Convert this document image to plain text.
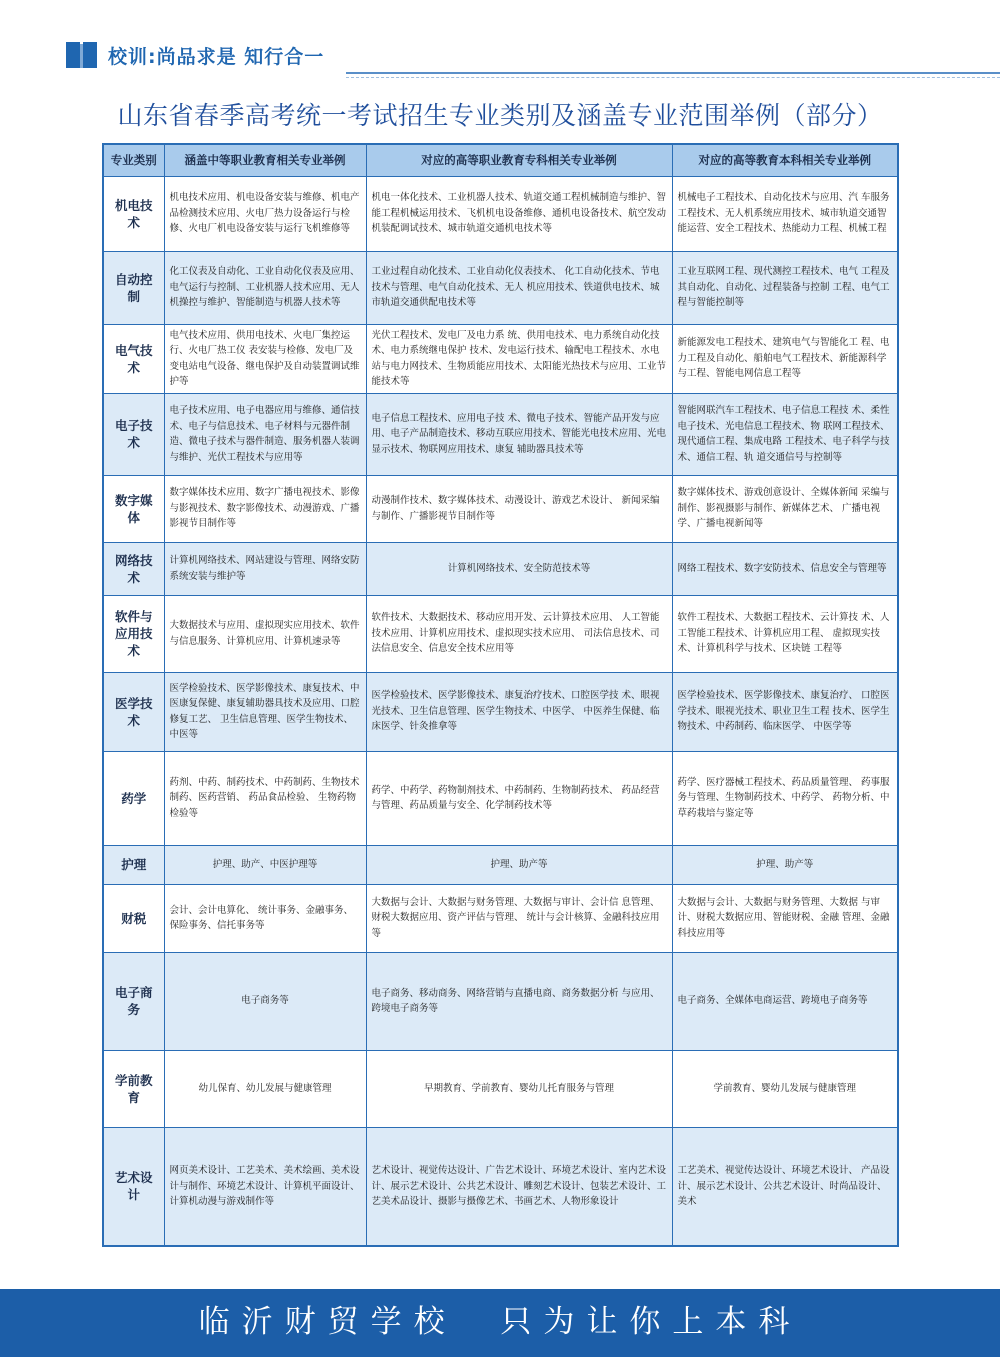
校训:尚品求是 知行合一
山东省春季高考统一考试招生专业类别及涵盖专业范围举例（部分）
专业类别	涵盖中等职业教育相关专业举例	对应的高等职业教育专科相关专业举例	对应的高等教育本科相关专业举例
机电技术	机电技术应用、机电设备安装与维修、机电产品检测技术应用、火电厂热力设备运行与检修、火电厂机电设备安装与运行飞机维修等	机电一体化技术、工业机器人技术、轨道交通工程机械制造与维护、智能工程机械运用技术、飞机机电设备维修、通机电设备技术、航空发动机装配调试技术、城市轨道交通机电技术等	机械电子工程技术、自动化技术与应用、汽 车服务工程技术、无人机系统应用技术、城市轨道交通智能运营、安全工程技术、热能动力工程、机械工程
自动控制	化工仪表及自动化、工业自动化仪表及应用、电气运行与控制、工业机器人技术应用、无人机操控与维护、智能制造与机器人技术等	工业过程自动化技术、工业自动化仪表技术、 化工自动化技术、节电技术与管理、电气自动化技术、无人 机应用技术、铁道供电技术、城市轨道交通供配电技术等	工业互联网工程、现代测控工程技术、电气 工程及其自动化、自动化、过程装备与控制 工程、电气工程与智能控制等
电气技术	电气技术应用、供用电技术、火电厂集控运行、火电厂热工仪 表安装与检修、发电厂及变电站电气设备、继电保护及自动装置调试维护等	光伏工程技术、发电厂及电力系 统、供用电技术、电力系统自动化技术、电力系统继电保护 技术、发电运行技术、输配电工程技术、水电站与电力网技术、生物质能应用技术、太阳能光热技术与应用、工业节能技术等	新能源发电工程技术、建筑电气与智能化工 程、电力工程及自动化、船舶电气工程技术、新能源科学与工程、智能电网信息工程等
电子技术	电子技术应用、电子电器应用与维修、通信技术、电子与信息技术、电子材料与元器件制造、微电子技术与器件制造、服务机器人装调与维护、光伏工程技术与应用等	电子信息工程技术、应用电子技 术、微电子技术、智能产品开发与应用、电子产品制造技术、移动互联应用技术、智能光电技术应用、光电显示技术、物联网应用技术、康复 辅助器具技术等	智能网联汽车工程技术、电子信息工程技 术、柔性电子技术、光电信息工程技术、物 联网工程技术、现代通信工程、集成电路 工程技术、电子科学与技术、通信工程、轨 道交通信号与控制等
数字媒体	数字媒体技术应用、数字广播电视技术、影像与影视技术、数字影像技术、动漫游戏、广播影视节目制作等	动漫制作技术、数字媒体技术、动漫设计、游戏艺术设计、 新闻采编与制作、广播影视节目制作等	数字媒体技术、游戏创意设计、全媒体新闻 采编与制作、影视摄影与制作、新媒体艺术、 广播电视学、广播电视新闻等
网络技术	计算机网络技术、网站建设与管理、网络安防系统安装与维护等	计算机网络技术、安全防范技术等	网络工程技术、数字安防技术、信息安全与管理等
软件与应用技术	大数据技术与应用、虚拟现实应用技术、软件与信息服务、计算机应用、计算机速录等	软件技术、大数据技术、移动应用开发、云计算技术应用、 人工智能技术应用、计算机应用技术、虚拟现实技术应用、 司法信息技术、司法信息安全、信息安全技术应用等	软件工程技术、大数据工程技术、云计算技 术、人工智能工程技术、计算机应用工程、 虚拟现实技术、计算机科学与技术、区块链 工程等
医学技术	医学检验技术、医学影像技术、康复技术、中医康复保健、康复辅助器具技术及应用、口腔修复工艺、 卫生信息管理、医学生物技术、中医等	医学检验技术、医学影像技术、康复治疗技术、口腔医学技 术、眼视光技术、卫生信息管理、医学生物技术、中医学、 中医养生保健、临床医学、针灸推拿等	医学检验技术、医学影像技术、康复治疗、 口腔医学技术、眼视光技术、职业卫生工程 技术、医学生物技术、中药制药、临床医学、 中医学等
药学	药剂、中药、制药技术、中药制药、生物技术制药、医药营销、 药品食品检验、 生物药物检验等	药学、中药学、药物制剂技术、中药制药、生物制药技术、 药品经营与管理、药品质量与安全、化学制药技术等	药学、医疗器械工程技术、药品质量管理、 药事服务与管理、生物制药技术、中药学、 药物分析、中草药栽培与鉴定等
护理	护理、助产、中医护理等	护理、助产等	护理、助产等
财税	会计、会计电算化、 统计事务、金融事务、保险事务、信托事务等	大数据与会计、大数据与财务管理、大数据与审计、会计信 息管理、财税大数据应用、资产评估与管理、 统计与会计核算、金融科技应用等	大数据与会计、大数据与财务管理、大数据 与审计、财税大数据应用、智能财税、金融 管理、金融科技应用等
电子商务	电子商务等	电子商务、移动商务、网络营销与直播电商、商务数据分析 与应用、跨境电子商务等	电子商务、全媒体电商运营、跨境电子商务等
学前教育	幼儿保育、幼儿发展与健康管理	早期教育、学前教育、婴幼儿托育服务与管理	学前教育、婴幼儿发展与健康管理
艺术设计	网页美术设计、工艺美术、美术绘画、美术设计与制作、环境艺术设计、计算机平面设计、计算机动漫与游戏制作等	艺术设计、视觉传达设计、广告艺术设计、环境艺术设计、室内艺术设计、展示艺术设计、公共艺术设计、雕刻艺术设计、包装艺术设计、工艺美术品设计、摄影与摄像艺术、书画艺术、人物形象设计	工艺美术、视觉传达设计、环境艺术设计、 产品设计、展示艺术设计、公共艺术设计、时尚品设计、美术
临沂财贸学校  只为让你上本科
